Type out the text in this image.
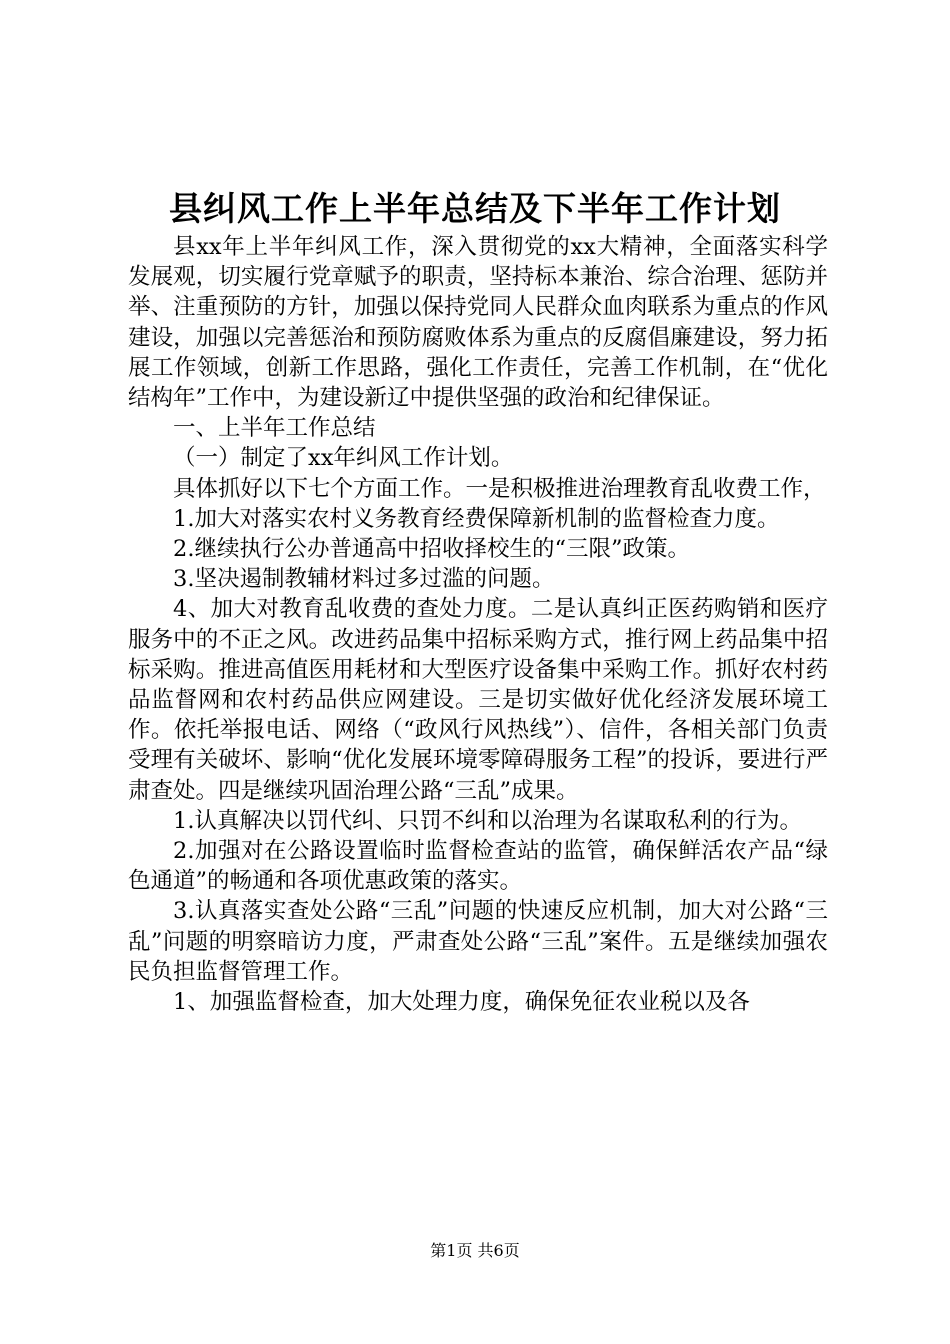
县纠风工作上半年总结及下半年工作计划

县xx年上半年纠风工作，深入贯彻党的xx大精神，全面落实科学发展观，切实履行党章赋予的职责，坚持标本兼治、综合治理、惩防并举、注重预防的方针，加强以保持党同人民群众血肉联系为重点的作风建设，加强以完善惩治和预防腐败体系为重点的反腐倡廉建设，努力拓展工作领域，创新工作思路，强化工作责任，完善工作机制，在“优化结构年”工作中，为建设新辽中提供坚强的政治和纪律保证。

一、上半年工作总结

（一）制定了xx年纠风工作计划。

具体抓好以下七个方面工作。一是积极推进治理教育乱收费工作，

1.加大对落实农村义务教育经费保障新机制的监督检查力度。

2.继续执行公办普通高中招收择校生的“三限”政策。

3.坚决遏制教辅材料过多过滥的问题。

4、加大对教育乱收费的查处力度。二是认真纠正医药购销和医疗服务中的不正之风。改进药品集中招标采购方式，推行网上药品集中招标采购。推进高值医用耗材和大型医疗设备集中采购工作。抓好农村药品监督网和农村药品供应网建设。三是切实做好优化经济发展环境工作。依托举报电话、网络（“政风行风热线”）、信件，各相关部门负责受理有关破坏、影响“优化发展环境零障碍服务工程”的投诉，要进行严肃查处。四是继续巩固治理公路“三乱”成果。

1.认真解决以罚代纠、只罚不纠和以治理为名谋取私利的行为。

2.加强对在公路设置临时监督检查站的监管，确保鲜活农产品“绿色通道”的畅通和各项优惠政策的落实。

3.认真落实查处公路“三乱”问题的快速反应机制，加大对公路“三乱”问题的明察暗访力度，严肃查处公路“三乱”案件。五是继续加强农民负担监督管理工作。

1、加强监督检查，加大处理力度，确保免征农业税以及各

第1页 共6页
